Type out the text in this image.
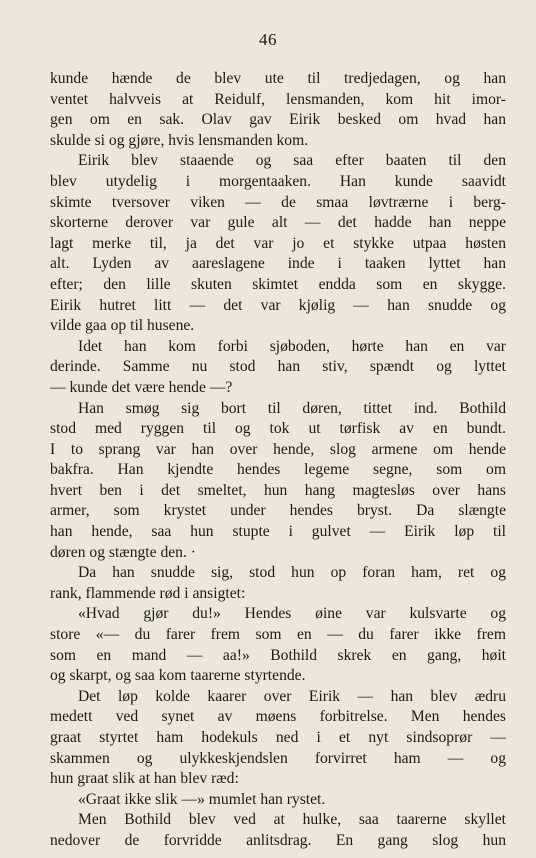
46
kunde hænde de blev ute til tredjedagen, og han
ventet halvveis at Reidulf, lensmanden, kom hit imor-
gen om en sak. Olav gav Eirik besked om hvad han
skulde si og gjøre, hvis lensmanden kom.
Eirik blev staaende og saa efter baaten til den
blev utydelig i morgentaaken. Han kunde saavidt
skimte tversover viken — de smaa løvtrærne i berg-
skorterne derover var gule alt — det hadde han neppe
lagt merke til, ja det var jo et stykke utpaa høsten
alt. Lyden av aareslagene inde i taaken lyttet han
efter; den lille skuten skimtet endda som en skygge.
Eirik hutret litt — det var kjølig — han snudde og
vilde gaa op til husene.
Idet han kom forbi sjøboden, hørte han en var
derinde. Samme nu stod han stiv, spændt og lyttet
— kunde det være hende —?
Han smøg sig bort til døren, tittet ind. Bothild
stod med ryggen til og tok ut tørfisk av en bundt.
I to sprang var han over hende, slog armene om hende
bakfra. Han kjendte hendes legeme segne, som om
hvert ben i det smeltet, hun hang magtesløs over hans
armer, som krystet under hendes bryst. Da slængte
han hende, saa hun stupte i gulvet — Eirik løp til
døren og stængte den. ·
Da han snudde sig, stod hun op foran ham, ret og
rank, flammende rød i ansigtet:
«Hvad gjør du!» Hendes øine var kulsvarte og
store «— du farer frem som en — du farer ikke frem
som en mand — aa!» Bothild skrek en gang, høit
og skarpt, og saa kom taarerne styrtende.
Det løp kolde kaarer over Eirik — han blev ædru
medett ved synet av møens forbitrelse. Men hendes
graat styrtet ham hodekuls ned i et nyt sindsoprør —
skammen og ulykkeskjendslen forvirret ham — og
hun graat slik at han blev ræd:
«Graat ikke slik —» mumlet han rystet.
Men Bothild blev ved at hulke, saa taarerne skyllet
nedover de forvridde anlitsdrag. En gang slog hun
